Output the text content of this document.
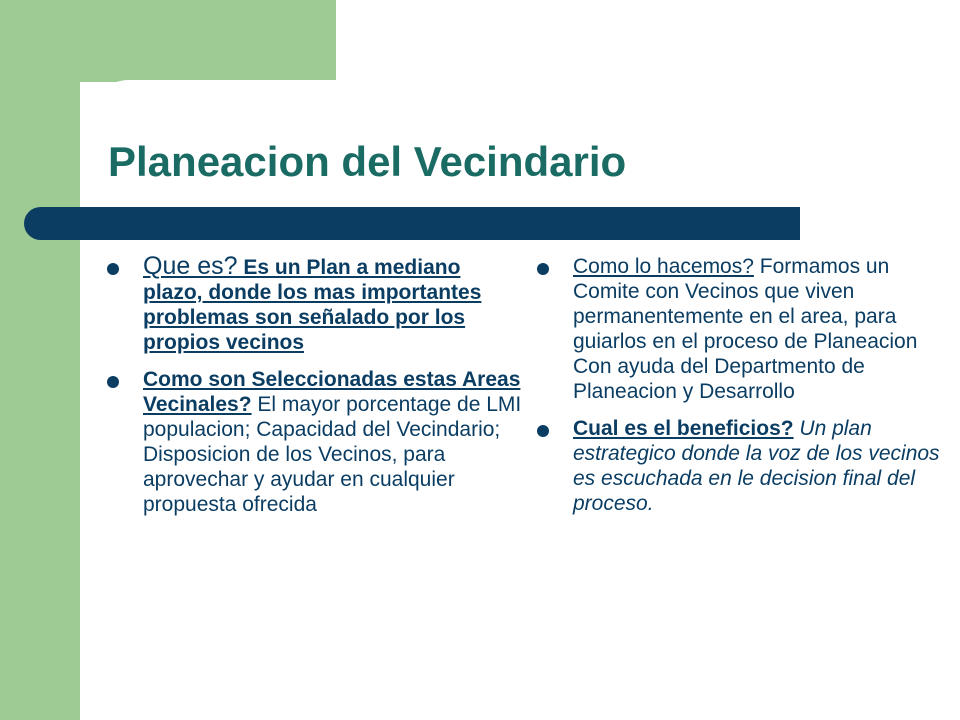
Planeacion del Vecindario
Que es? Es un Plan a mediano plazo, donde los mas importantes problemas son señalado por los propios vecinos
Como son Seleccionadas estas Areas Vecinales? El mayor porcentage de LMI populacion; Capacidad del Vecindario; Disposicion de los Vecinos, para aprovechar y ayudar en cualquier propuesta ofrecida
Como lo hacemos? Formamos un Comite con Vecinos que viven permanentemente en el area, para guiarlos en el proceso de Planeacion Con ayuda del Departmento de Planeacion y Desarrollo
Cual es el beneficios? Un plan estrategico donde la voz de los vecinos es escuchada en le decision final del proceso.
